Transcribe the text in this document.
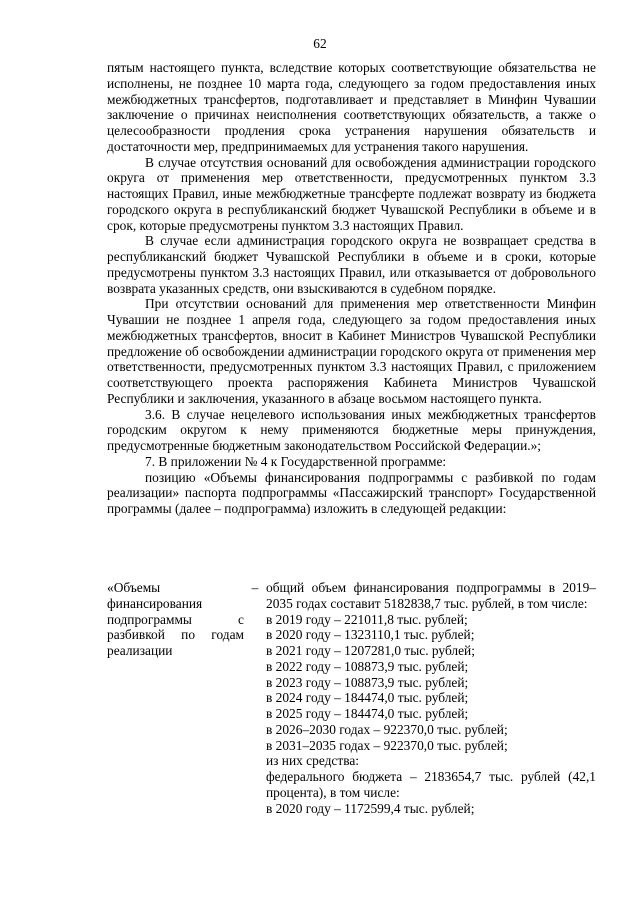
62

пятым настоящего пункта, вследствие которых соответствующие обязательства не исполнены, не позднее 10 марта года, следующего за годом предоставления иных межбюджетных трансфертов, подготавливает и представляет в Минфин Чувашии заключение о причинах неисполнения соответствующих обязательств, а также о целесообразности продления срока устранения нарушения обязательств и достаточности мер, предпринимаемых для устранения такого нарушения.

В случае отсутствия оснований для освобождения администрации городского округа от применения мер ответственности, предусмотренных пунктом 3.3 настоящих Правил, иные межбюджетные трансферте подлежат возврату из бюджета городского округа в республиканский бюджет Чувашской Республики в объеме и в срок, которые предусмотрены пунктом 3.3 настоящих Правил.

В случае если администрация городского округа не возвращает средства в республиканский бюджет Чувашской Республики в объеме и в сроки, которые предусмотрены пунктом 3.3 настоящих Правил, или отказывается от добровольного возврата указанных средств, они взыскиваются в судебном порядке.

При отсутствии оснований для применения мер ответственности Минфин Чувашии не позднее 1 апреля года, следующего за годом предоставления иных межбюджетных трансфертов, вносит в Кабинет Министров Чувашской Республики предложение об освобождении администрации городского округа от применения мер ответственности, предусмотренных пунктом 3.3 настоящих Правил, с приложением соответствующего проекта распоряжения Кабинета Министров Чувашской Республики и заключения, указанного в абзаце восьмом настоящего пункта.

3.6. В случае нецелевого использования иных межбюджетных трансфертов городским округом к нему применяются бюджетные меры принуждения, предусмотренные бюджетным законодательством Российской Федерации.»;

7. В приложении № 4 к Государственной программе:

позицию «Объемы финансирования подпрограммы с разбивкой по годам реализации» паспорта подпрограммы «Пассажирский транспорт» Государственной программы (далее – подпрограмма) изложить в следующей редакции:

«Объемы финансирования подпрограммы с разбивкой по годам реализации	–	общий объем финансирования подпрограммы в 2019–2035 годах составит 5182838,7 тыс. рублей, в том числе:
в 2019 году – 221011,8 тыс. рублей;
в 2020 году – 1323110,1 тыс. рублей;
в 2021 году – 1207281,0 тыс. рублей;
в 2022 году – 108873,9 тыс. рублей;
в 2023 году – 108873,9 тыс. рублей;
в 2024 году – 184474,0 тыс. рублей;
в 2025 году – 184474,0 тыс. рублей;
в 2026–2030 годах – 922370,0 тыс. рублей;
в 2031–2035 годах – 922370,0 тыс. рублей;
из них средства:
федерального бюджета – 2183654,7 тыс. рублей (42,1 процента), в том числе:
в 2020 году – 1172599,4 тыс. рублей;
